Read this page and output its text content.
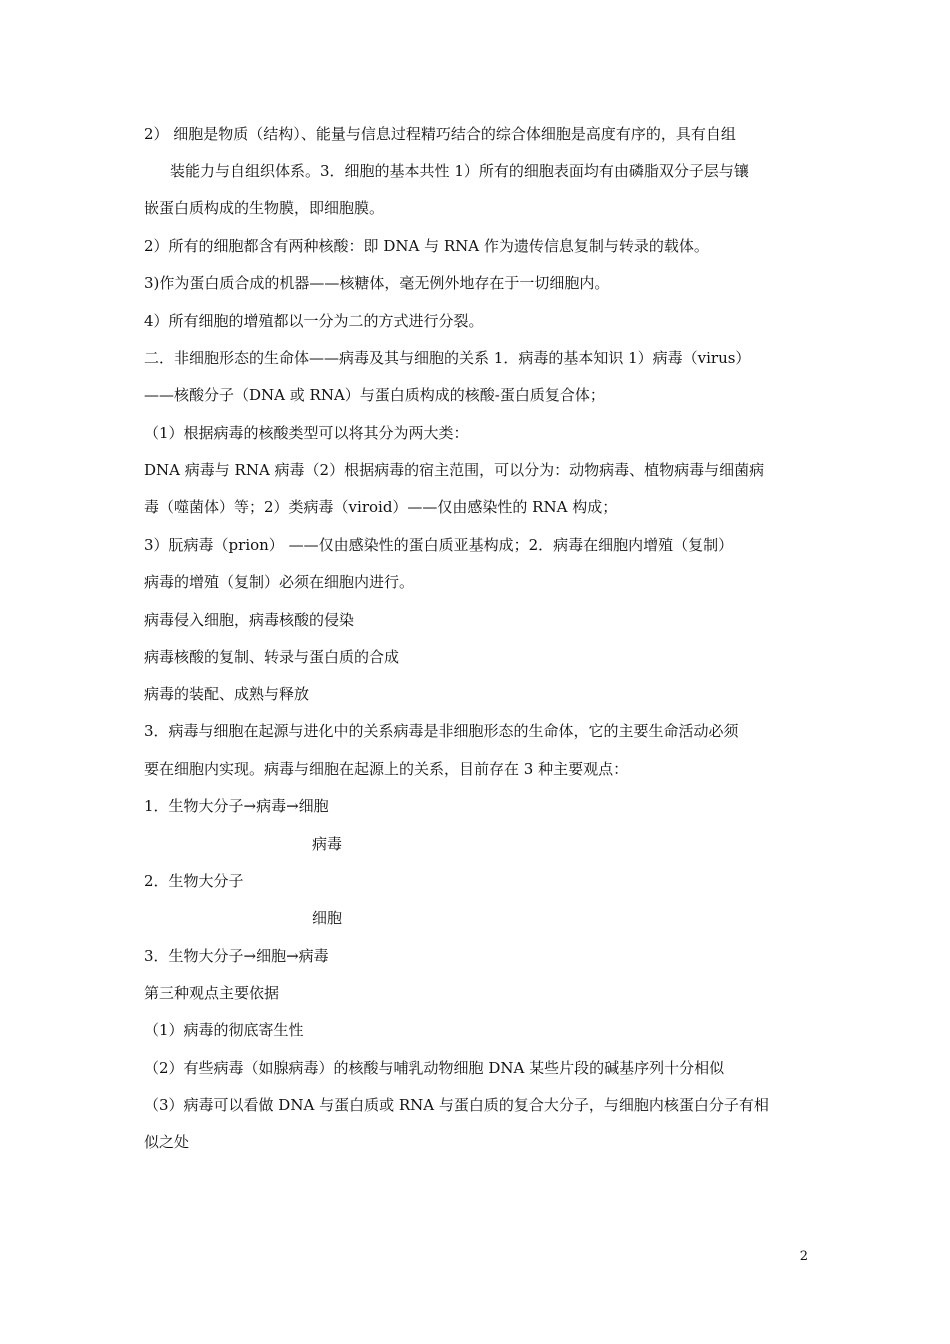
2） 细胞是物质（结构）、能量与信息过程精巧结合的综合体细胞是高度有序的，具有自组
装能力与自组织体系。3．细胞的基本共性 1）所有的细胞表面均有由磷脂双分子层与镶
嵌蛋白质构成的生物膜，即细胞膜。
2）所有的细胞都含有两种核酸：即 DNA 与 RNA 作为遗传信息复制与转录的载体。
3)作为蛋白质合成的机器——核糖体，毫无例外地存在于一切细胞内。
4）所有细胞的增殖都以一分为二的方式进行分裂。
二．非细胞形态的生命体——病毒及其与细胞的关系 1．病毒的基本知识 1）病毒（virus）
——核酸分子（DNA 或 RNA）与蛋白质构成的核酸-蛋白质复合体；
（1）根据病毒的核酸类型可以将其分为两大类：
DNA 病毒与 RNA 病毒（2）根据病毒的宿主范围，可以分为：动物病毒、植物病毒与细菌病
毒（噬菌体）等；2）类病毒（viroid）——仅由感染性的 RNA 构成；
3）朊病毒（prion） ——仅由感染性的蛋白质亚基构成；2．病毒在细胞内增殖（复制）
病毒的增殖（复制）必须在细胞内进行。
病毒侵入细胞，病毒核酸的侵染
病毒核酸的复制、转录与蛋白质的合成
病毒的装配、成熟与释放
3．病毒与细胞在起源与进化中的关系病毒是非细胞形态的生命体，它的主要生命活动必须
要在细胞内实现。病毒与细胞在起源上的关系，目前存在 3 种主要观点：
1．生物大分子→病毒→细胞
病毒
2．生物大分子
细胞
3．生物大分子→细胞→病毒
第三种观点主要依据
（1）病毒的彻底寄生性
（2）有些病毒（如腺病毒）的核酸与哺乳动物细胞 DNA 某些片段的碱基序列十分相似
（3）病毒可以看做 DNA 与蛋白质或 RNA 与蛋白质的复合大分子，与细胞内核蛋白分子有相
似之处
2
